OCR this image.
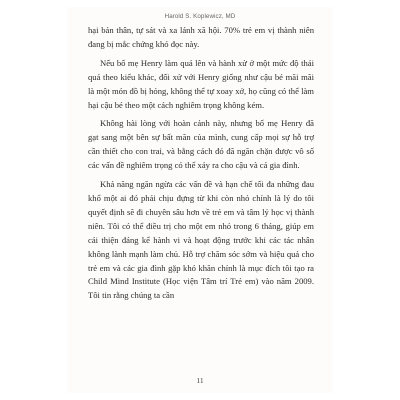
Harold S. Koplewicz, MD

hại bản thân, tự sát và xa lánh xã hội. 70% trẻ em vị thành niên đang bị mắc chứng khó đọc này.

Nếu bố mẹ Henry làm quá lên và hành xử ở một mức độ thái quá theo kiểu khác, đối xử với Henry giống như cậu bé mãi mãi là một món đồ bị hỏng, không thể tự xoay xở, họ cũng có thể làm hại cậu bé theo một cách nghiêm trọng không kém.

Không hài lòng với hoàn cảnh này, nhưng bố mẹ Henry đã gạt sang một bên sự bất mãn của mình, cung cấp mọi sự hỗ trợ cần thiết cho con trai, và bằng cách đó đã ngăn chặn được vô số các vấn đề nghiêm trọng có thể xảy ra cho cậu và cả gia đình.

Khả năng ngăn ngừa các vấn đề và hạn chế tối đa những đau khổ một ai đó phải chịu đựng từ khi còn nhỏ chính là lý do tôi quyết định sẽ đi chuyên sâu hơn về trẻ em và tâm lý học vị thành niên. Tôi có thể điều trị cho một em nhỏ trong 6 tháng, giúp em cải thiện đáng kể hành vi và hoạt động trước khi các tác nhân không lành mạnh làm chủ. Hỗ trợ chăm sóc sớm và hiệu quả cho trẻ em và các gia đình gặp khó khăn chính là mục đích tôi tạo ra Child Mind Institute (Học viện Tâm trí Trẻ em) vào năm 2009. Tôi tin rằng chúng ta cần

11
